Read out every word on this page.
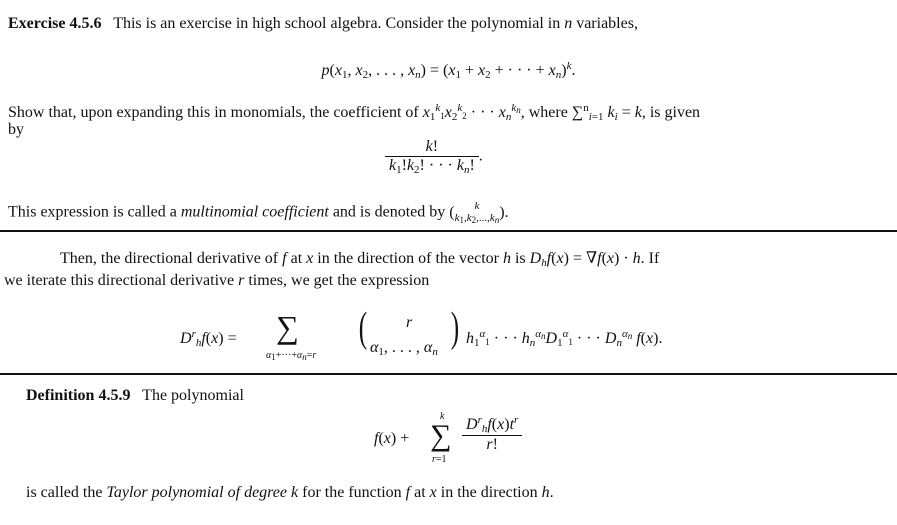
Exercise 4.5.6 This is an exercise in high school algebra. Consider the polynomial in n variables,
$p(x_1$, $x_2$, . . . , $x_n) = (x_1 + x_2$ + · · · + $x_n)^k$.
Show that, upon expanding this in monomials, the coefficient of $x_1^k1x_2^k2$ · · · $x_n^{kn}$, where ∑$^n_{i=1}$ $k_i = k$, is given
by
$\frac{k!}{k_1!k_2! \cdot \cdot \cdot k_n!}$ .
This expression is called a multinomial coefficient and is denoted by ( k
k1,k2,...,kn).
Then, the directional derivative of f at x in the direction of the vector h is $D_hf(x) = \nabla f(x) \cdot h$. If
we iterate this directional derivative r times, we get the expression
$D^r_hf(x)$ = ∑
α1+···+αn=r
( r
$\alpha_1$, . . . , $\alpha_n$
) $h_1^\alpha 1$ · · · $h_n^{\alpha n}D_1^\alpha 1$ · · · $D_n^{\alpha n}$ f(x).
Definition 4.5.9 The polynomial
f(x) +
k
∑
r=1
$\frac{D^r_hf(x)t^r}{r!}$
is called the Taylor polynomial of degree k for the function f at x in the direction h.
